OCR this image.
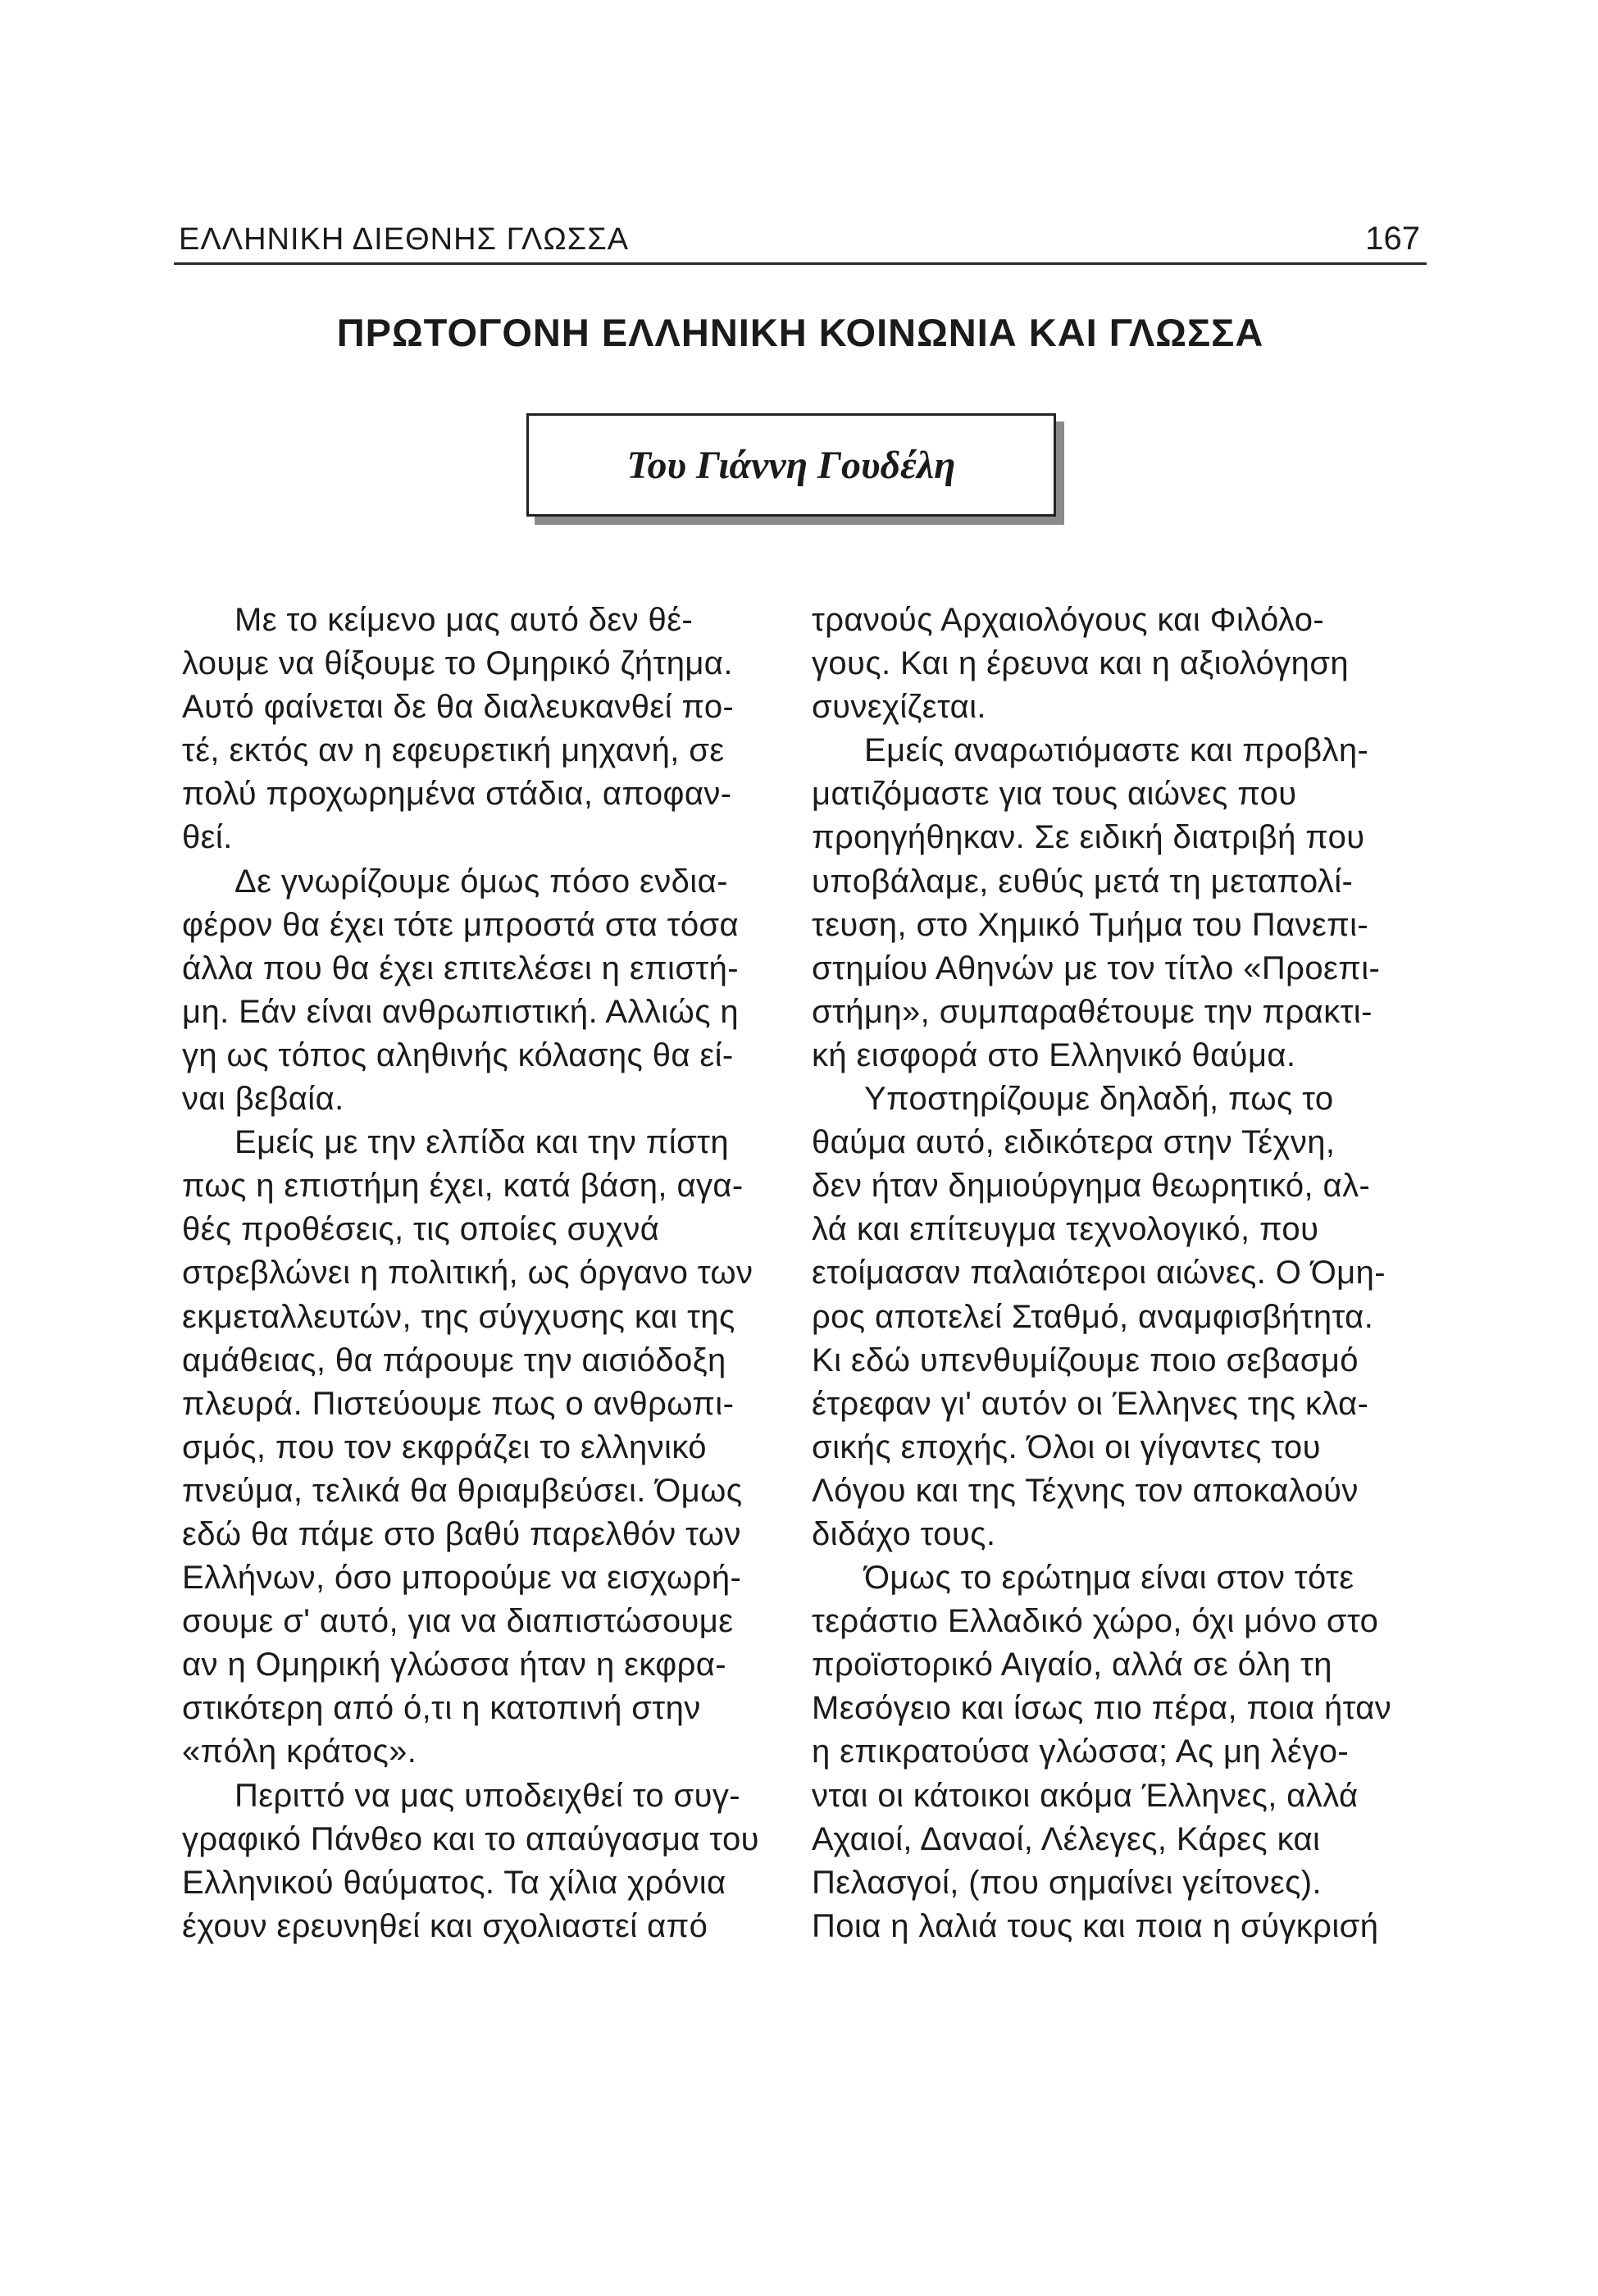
ΕΛΛΗΝΙΚΗ ΔΙΕΘΝΗΣ ΓΛΩΣΣΑ	167
ΠΡΩΤΟΓΟΝΗ ΕΛΛΗΝΙΚΗ ΚΟΙΝΩΝΙΑ ΚΑΙ ΓΛΩΣΣΑ
Του Γιάννη Γουδέλη

Με το κείμενο μας αυτό δεν θέ-
λουμε να θίξουμε το Ομηρικό ζήτημα.
Αυτό φαίνεται δε θα διαλευκανθεί πο-
τέ, εκτός αν η εφευρετική μηχανή, σε
πολύ προχωρημένα στάδια, αποφαν-
θεί.

Δε γνωρίζουμε όμως πόσο ενδια-
φέρον θα έχει τότε μπροστά στα τόσα
άλλα που θα έχει επιτελέσει η επιστή-
μη. Εάν είναι ανθρωπιστική. Αλλιώς η
γη ως τόπος αληθινής κόλασης θα εί-
ναι βεβαία.

Εμείς με την ελπίδα και την πίστη
πως η επιστήμη έχει, κατά βάση, αγα-
θές προθέσεις, τις οποίες συχνά
στρεβλώνει η πολιτική, ως όργανο των
εκμεταλλευτών, της σύγχυσης και της
αμάθειας, θα πάρουμε την αισιόδοξη
πλευρά. Πιστεύουμε πως ο ανθρωπι-
σμός, που τον εκφράζει το ελληνικό
πνεύμα, τελικά θα θριαμβεύσει. Όμως
εδώ θα πάμε στο βαθύ παρελθόν των
Ελλήνων, όσο μπορούμε να εισχωρή-
σουμε σ' αυτό, για να διαπιστώσουμε
αν η Ομηρική γλώσσα ήταν η εκφρα-
στικότερη από ό,τι η κατοπινή στην
«πόλη κράτος».

Περιττό να μας υποδειχθεί το συγ-
γραφικό Πάνθεο και το απαύγασμα του
Ελληνικού θαύματος. Τα χίλια χρόνια
έχουν ερευνηθεί και σχολιαστεί από

τρανούς Αρχαιολόγους και Φιλόλο-
γους. Και η έρευνα και η αξιολόγηση
συνεχίζεται.

Εμείς αναρωτιόμαστε και προβλη-
ματιζόμαστε για τους αιώνες που
προηγήθηκαν. Σε ειδική διατριβή που
υποβάλαμε, ευθύς μετά τη μεταπολί-
τευση, στο Χημικό Τμήμα του Πανεπι-
στημίου Αθηνών με τον τίτλο «Προεπι-
στήμη», συμπαραθέτουμε την πρακτι-
κή εισφορά στο Ελληνικό θαύμα.

Υποστηρίζουμε δηλαδή, πως το
θαύμα αυτό, ειδικότερα στην Τέχνη,
δεν ήταν δημιούργημα θεωρητικό, αλ-
λά και επίτευγμα τεχνολογικό, που
ετοίμασαν παλαιότεροι αιώνες. Ο Όμη-
ρος αποτελεί Σταθμό, αναμφισβήτητα.
Κι εδώ υπενθυμίζουμε ποιο σεβασμό
έτρεφαν γι' αυτόν οι Έλληνες της κλα-
σικής εποχής. Όλοι οι γίγαντες του
Λόγου και της Τέχνης τον αποκαλούν
διδάχο τους.

Όμως το ερώτημα είναι στον τότε
τεράστιο Ελλαδικό χώρο, όχι μόνο στο
προϊστορικό Αιγαίο, αλλά σε όλη τη
Μεσόγειο και ίσως πιο πέρα, ποια ήταν
η επικρατούσα γλώσσα; Ας μη λέγο-
νται οι κάτοικοι ακόμα Έλληνες, αλλά
Αχαιοί, Δαναοί, Λέλεγες, Κάρες και
Πελασγοί, (που σημαίνει γείτονες).
Ποια η λαλιά τους και ποια η σύγκρισή
